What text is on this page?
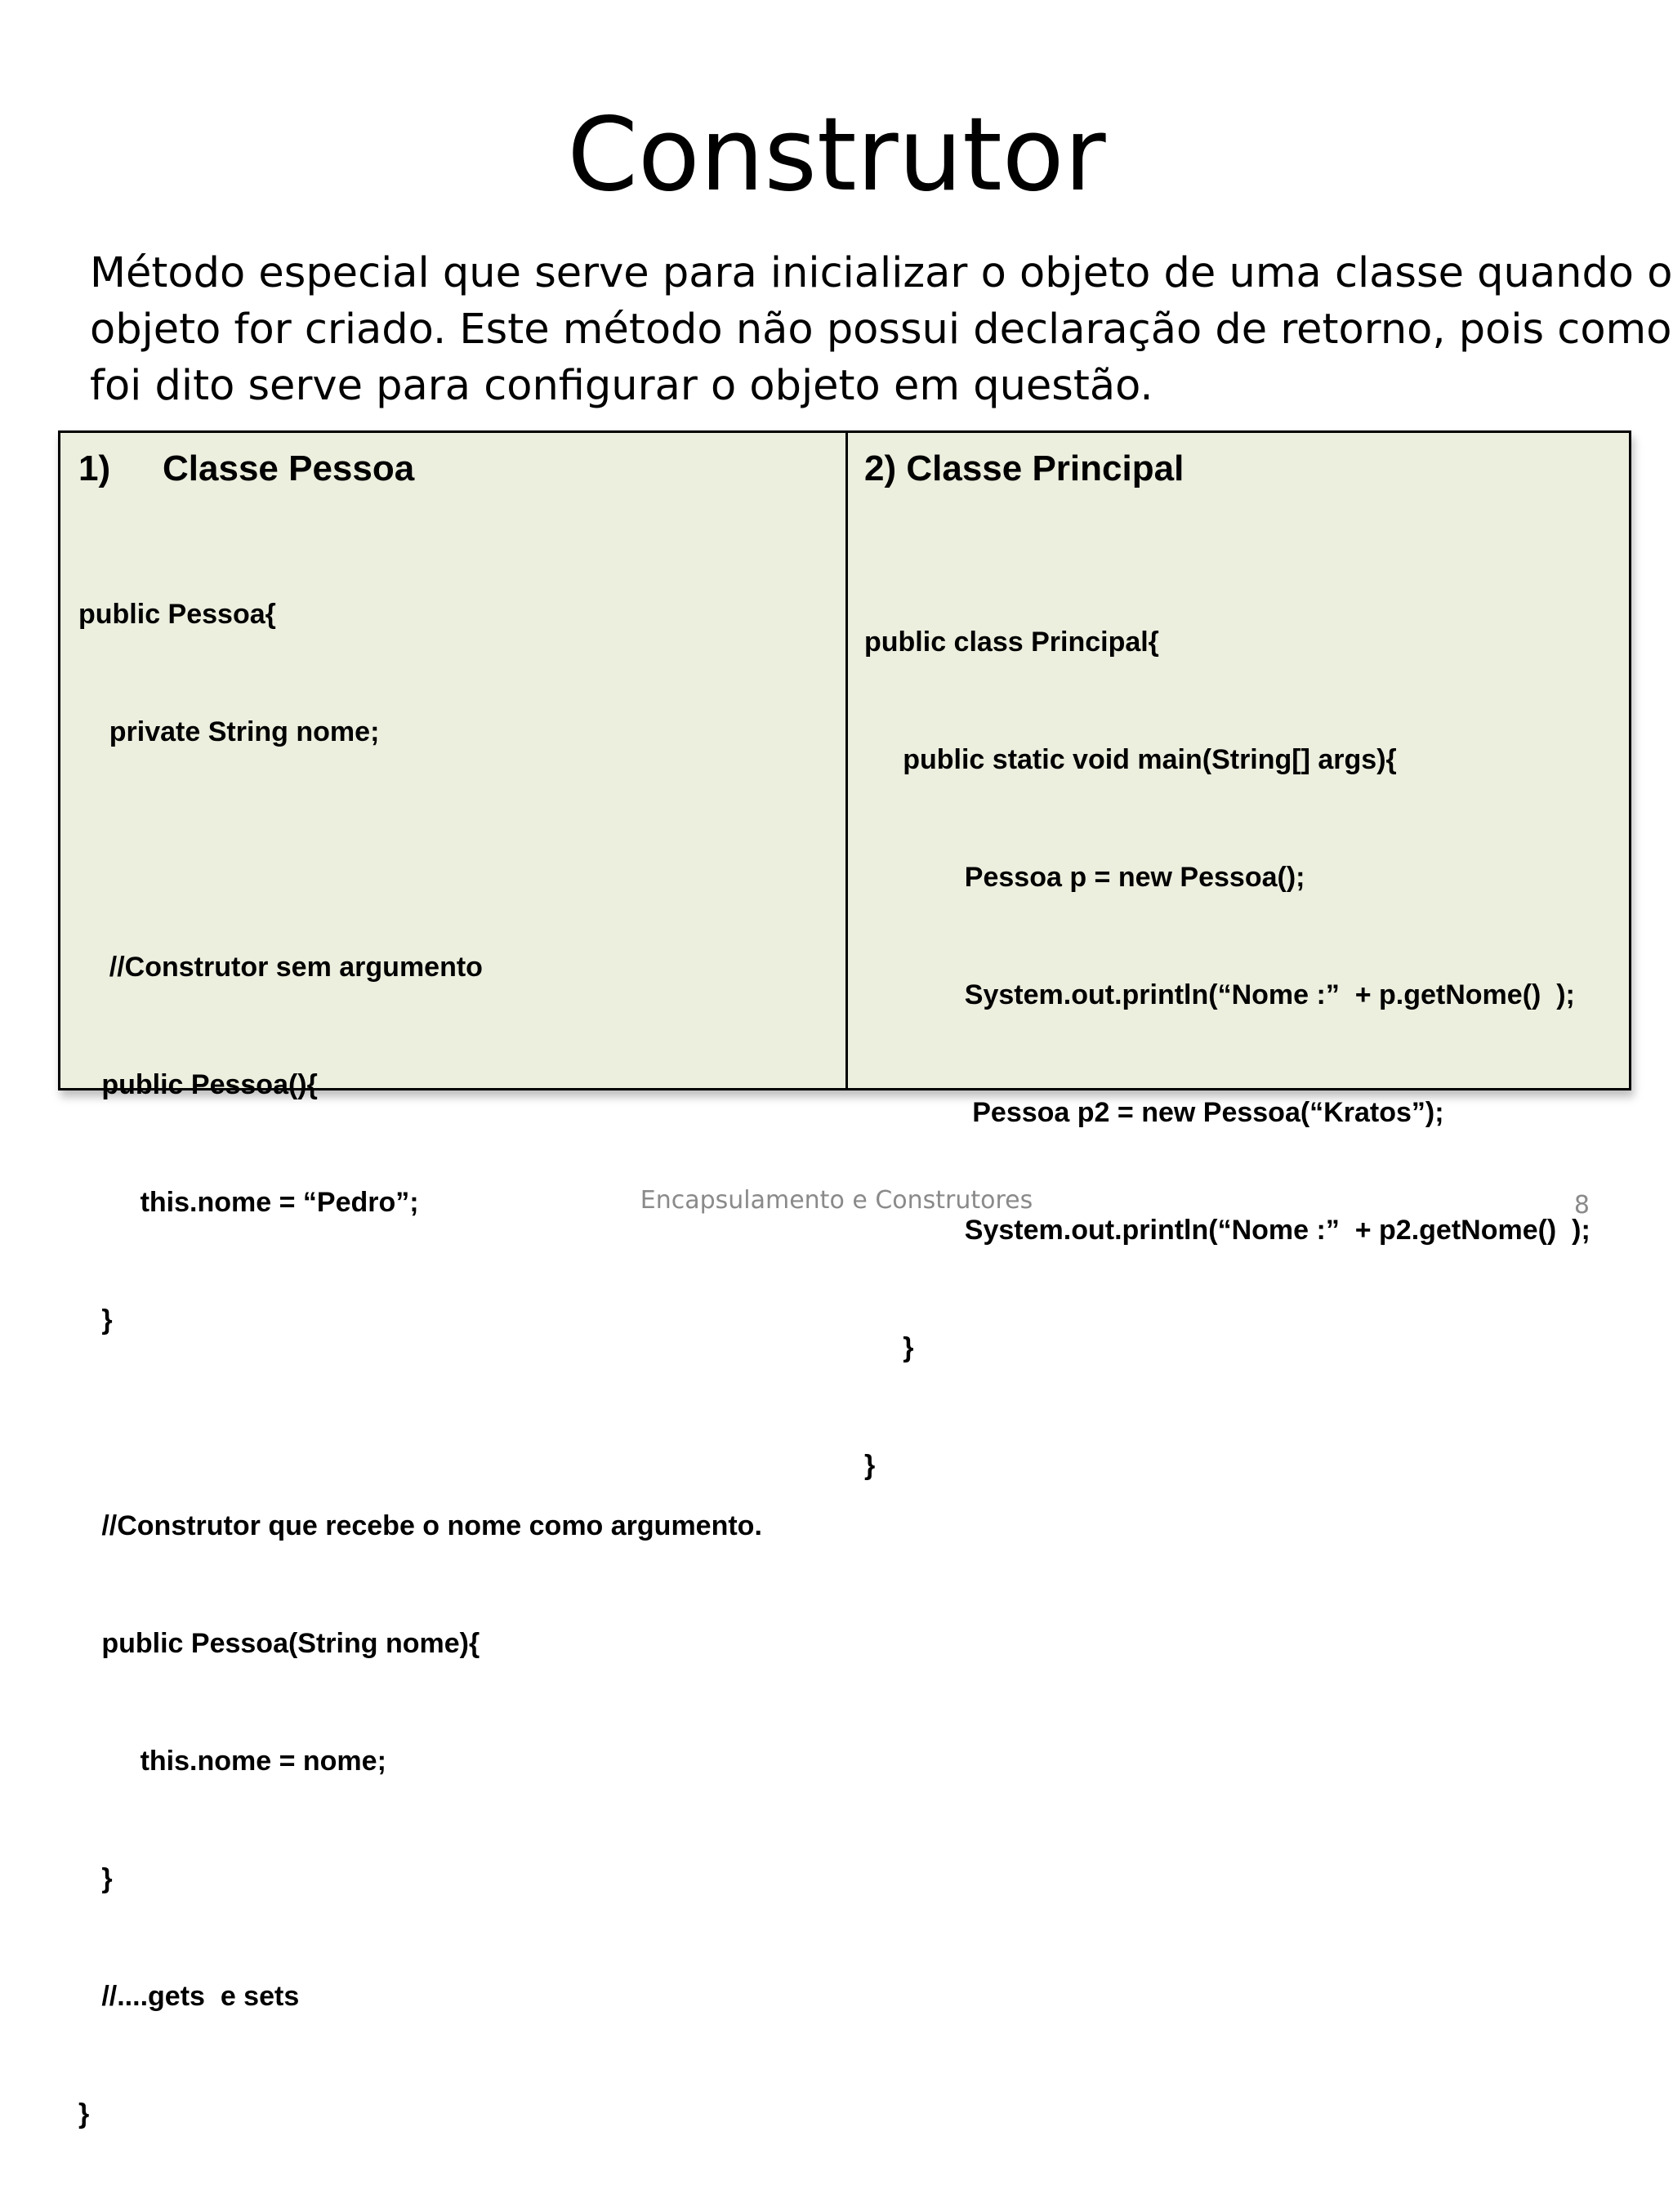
Construtor
Método especial que serve para inicializar o objeto de uma classe quando o
objeto for criado. Este método não possui declaração de retorno, pois como
foi dito serve para configurar o objeto em questão.
1) Classe Pessoa

public Pessoa{

private String nome;

//Construtor sem argumento

public Pessoa(){

this.nome = “Pedro”;

}

//Construtor que recebe o nome como argumento.

public Pessoa(String nome){

this.nome = nome;

}

//....gets  e sets

}

2) Classe Principal

public class Principal{

public static void main(String[] args){

Pessoa p = new Pessoa();

System.out.println(“Nome :”  + p.getNome()  );

Pessoa p2 = new Pessoa(“Kratos”);

System.out.println(“Nome :”  + p2.getNome()  );

}

}

Encapsulamento e Construtores	8
